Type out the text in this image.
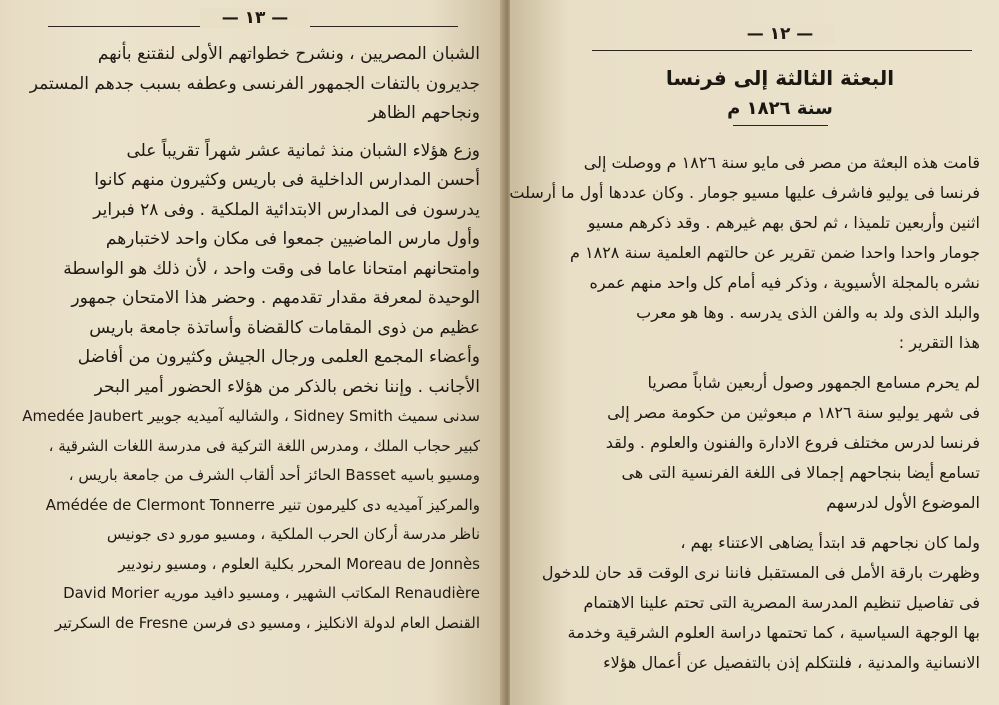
— ١٣ —
الشبان المصريين ، ونشرح خطواتهم الأولى لنقتنع بأنهم
جديرون بالتفات الجمهور الفرنسى وعطفه بسبب جدهم المستمر
ونجاحهم الظاهر
وزع هؤلاء الشبان منذ ثمانية عشر شهراً تقريباً على
أحسن المدارس الداخلية فى باريس وكثيرون منهم كانوا
يدرسون فى المدارس الابتدائية الملكية . وفى ٢٨ فبراير
وأول مارس الماضيين جمعوا فى مكان واحد لاختبارهم
وامتحانهم امتحانا عاما فى وقت واحد ، لأن ذلك هو الواسطة
الوحيدة لمعرفة مقدار تقدمهم . وحضر هذا الامتحان جمهور
عظيم من ذوى المقامات كالقضاة وأساتذة جامعة باريس
وأعضاء المجمع العلمى ورجال الجيش وكثيرون من أفاضل
الأجانب . وإننا نخص بالذكر من هؤلاء الحضور أمير البحر
سدنى سميث Sidney Smith ، والشاليه آميديه جوبير Amedée Jaubert
كبير حجاب الملك ، ومدرس اللغة التركية فى مدرسة اللغات الشرقية ،
ومسيو باسيه Basset الحائز أحد ألقاب الشرف من جامعة باريس ،
والمركيز آميديه دى كليرمون تنير Amédée de Clermont Tonnerre
ناظر مدرسة أركان الحرب الملكية ، ومسيو مورو دى جونيس
Moreau de Jonnès المحرر بكلية العلوم ، ومسيو رنوديير
Renaudière المكاتب الشهير ، ومسيو دافيد موريه David Morier
القنصل العام لدولة الانكليز ، ومسيو دى فرسن de Fresne السكرتير
— ١٢ —
البعثة الثالثة إلى فرنسا
سنة ١٨٢٦ م
قامت هذه البعثة من مصر فى مايو سنة ١٨٢٦ م ووصلت إلى
فرنسا فى يوليو فاشرف عليها مسيو جومار . وكان عددها أول ما أرسلت
اثنين وأربعين تلميذا ، ثم لحق بهم غيرهم . وقد ذكرهم مسيو
جومار واحدا واحدا ضمن تقرير عن حالتهم العلمية سنة ١٨٢٨ م
نشره بالمجلة الأسيوية ، وذكر فيه أمام كل واحد منهم عمره
والبلد الذى ولد به والفن الذى يدرسه . وها هو معرب
هذا التقرير :
لم يحرم مسامع الجمهور وصول أربعين شاباً مصريا
فى شهر يوليو سنة ١٨٢٦ م مبعوثين من حكومة مصر إلى
فرنسا لدرس مختلف فروع الادارة والفنون والعلوم . ولقد
تسامع أيضا بنجاحهم إجمالا فى اللغة الفرنسية التى هى
الموضوع الأول لدرسهم
ولما كان نجاحهم قد ابتدأ يضاهى الاعتناء بهم ،
وظهرت بارقة الأمل فى المستقبل فاننا نرى الوقت قد حان للدخول
فى تفاصيل تنظيم المدرسة المصرية التى تحتم علينا الاهتمام
بها الوجهة السياسية ، كما تحتمها دراسة العلوم الشرقية وخدمة
الانسانية والمدنية ، فلنتكلم إذن بالتفصيل عن أعمال هؤلاء
